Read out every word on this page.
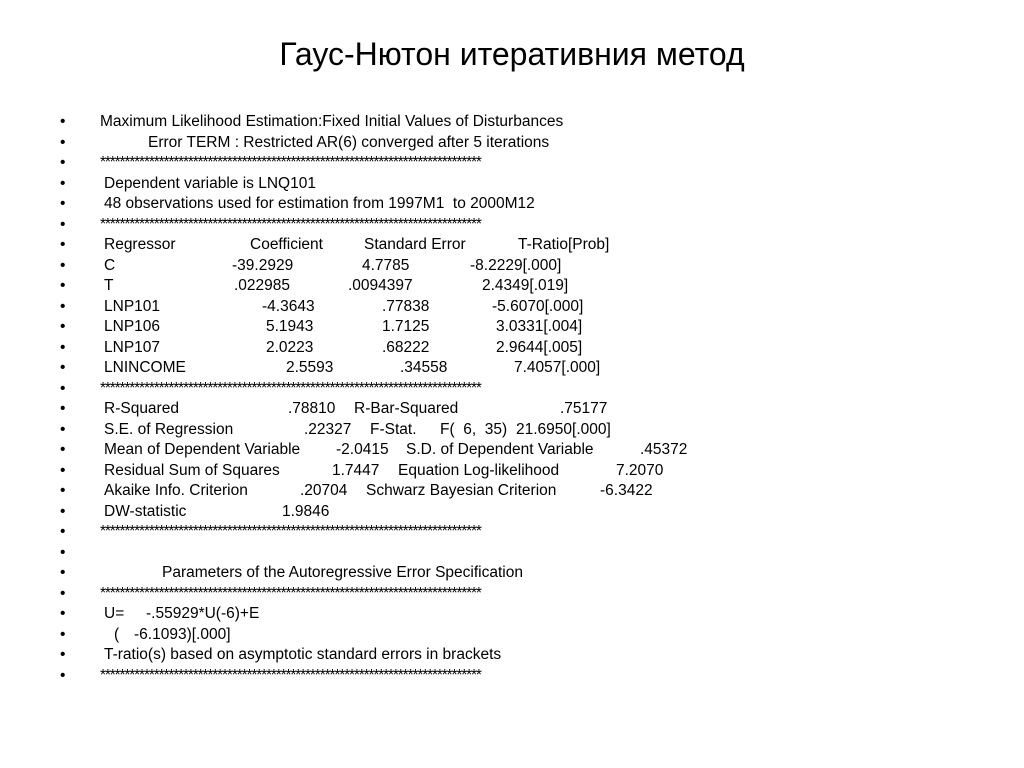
Гаус-Нютон итеративния метод
• Maximum Likelihood Estimation:Fixed Initial Values of Disturbances
•	Error TERM : Restricted AR(6) converged after 5 iterations
• ******************************************************************************
• Dependent variable is LNQ101
• 48 observations used for estimation from 1997M1  to 2000M12
• ******************************************************************************
• Regressor	Coefficient	Standard Error	T-Ratio[Prob]
• C	-39.2929	4.7785	-8.2229[.000]
• T	.022985	.0094397	2.4349[.019]
• LNP101	-4.3643	.77838	-5.6070[.000]
• LNP106	5.1943	1.7125	3.0331[.004]
• LNP107	2.0223	.68222	2.9644[.005]
• LNINCOME	2.5593	.34558	7.4057[.000]
• ******************************************************************************
• R-Squared	.78810 R-Bar-Squared	.75177
• S.E. of Regression	.22327 F-Stat. F(  6,  35) 21.6950[.000]
• Mean of Dependent Variable -2.0415 S.D. of Dependent Variable	.45372
• Residual Sum of Squares	1.7447 Equation Log-likelihood	7.2070
• Akaike Info. Criterion	.20704 Schwarz Bayesian Criterion	-6.3422
• DW-statistic	1.9846
• ******************************************************************************
•
•	Parameters of the Autoregressive Error Specification
• ******************************************************************************
• U= -.55929*U(-6)+E
•	( -6.1093)[.000]
• T-ratio(s) based on asymptotic standard errors in brackets
• ******************************************************************************
